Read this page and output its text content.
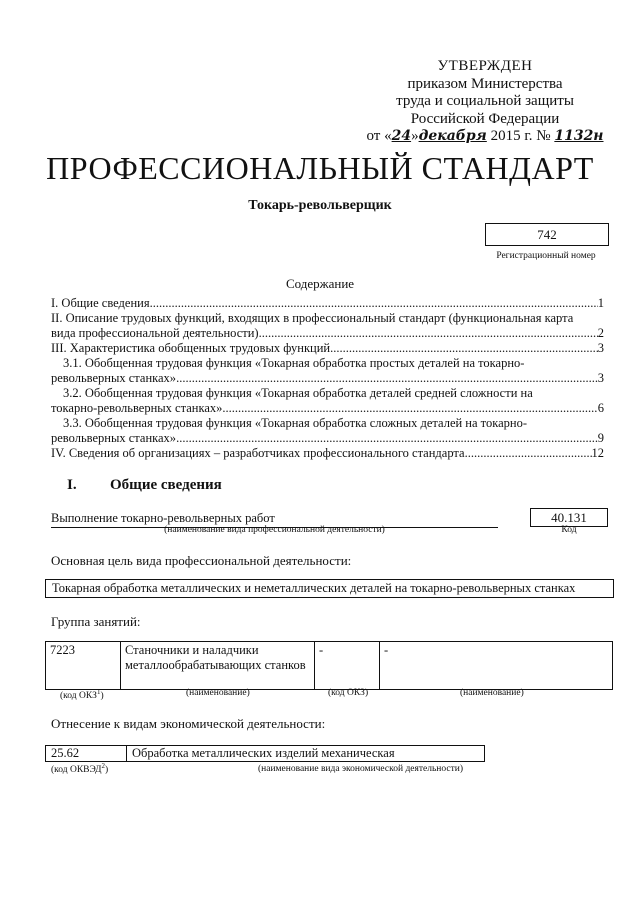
УТВЕРЖДЕН
приказом Министерства
труда и социальной защиты
Российской Федерации
от «24»декабря 2015 г. № 1132н
ПРОФЕССИОНАЛЬНЫЙ СТАНДАРТ
Токарь-револьверщик
742
Регистрационный номер
Содержание
I. Общие сведения .....	1
II. Описание трудовых функций, входящих в профессиональный стандарт (функциональная карта
вида профессиональной деятельности) .....	2
III. Характеристика обобщенных трудовых функций .....	3
3.1. Обобщенная трудовая функция «Токарная обработка простых деталей на токарно-
револьверных станках» .....	3
3.2. Обобщенная трудовая функция «Токарная обработка деталей средней сложности на
токарно-револьверных станках» .....	6
3.3. Обобщенная трудовая функция «Токарная обработка сложных деталей на токарно-
револьверных станках» .....	9
IV. Сведения об организациях – разработчиках профессионального стандарта .....	12
I. Общие сведения
Выполнение токарно-револьверных работ
(наименование вида профессиональной деятельности)
40.131
Код
Основная цель вида профессиональной деятельности:
Токарная обработка металлических и неметаллических деталей на токарно-револьверных станках
Группа занятий:
7223	Станочники и наладчики металлообрабатывающих станков	-	-
(код ОКЗ$^1$)	(наименование)	(код ОКЗ)	(наименование)
Отнесение к видам экономической деятельности:
25.62	Обработка металлических изделий механическая
(код ОКВЭД$^2$)	(наименование вида экономической деятельности)
